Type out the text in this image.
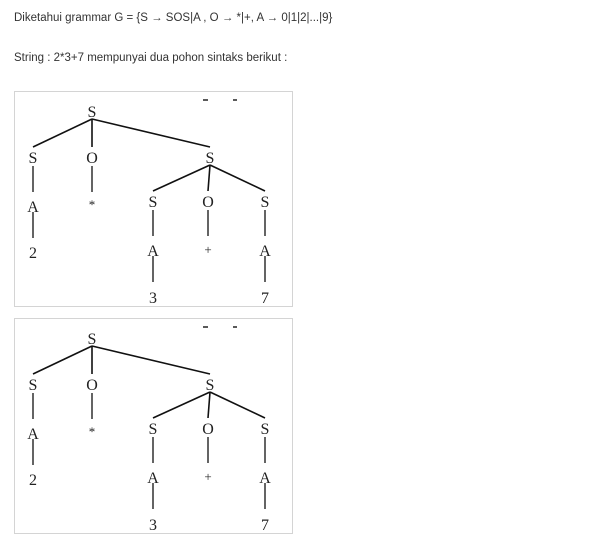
Diketahui grammar G = {S → SOS|A , O → *|+, A → 0|1|2|...|9}
String : 2*3+7 mempunyai dua pohon sintaks berikut :
S
S	O	S
A
2
*	S	O	S
A
3
+	A
7
S
S	O	S
A
2
*	S	O	S
A
3
+	A
7
